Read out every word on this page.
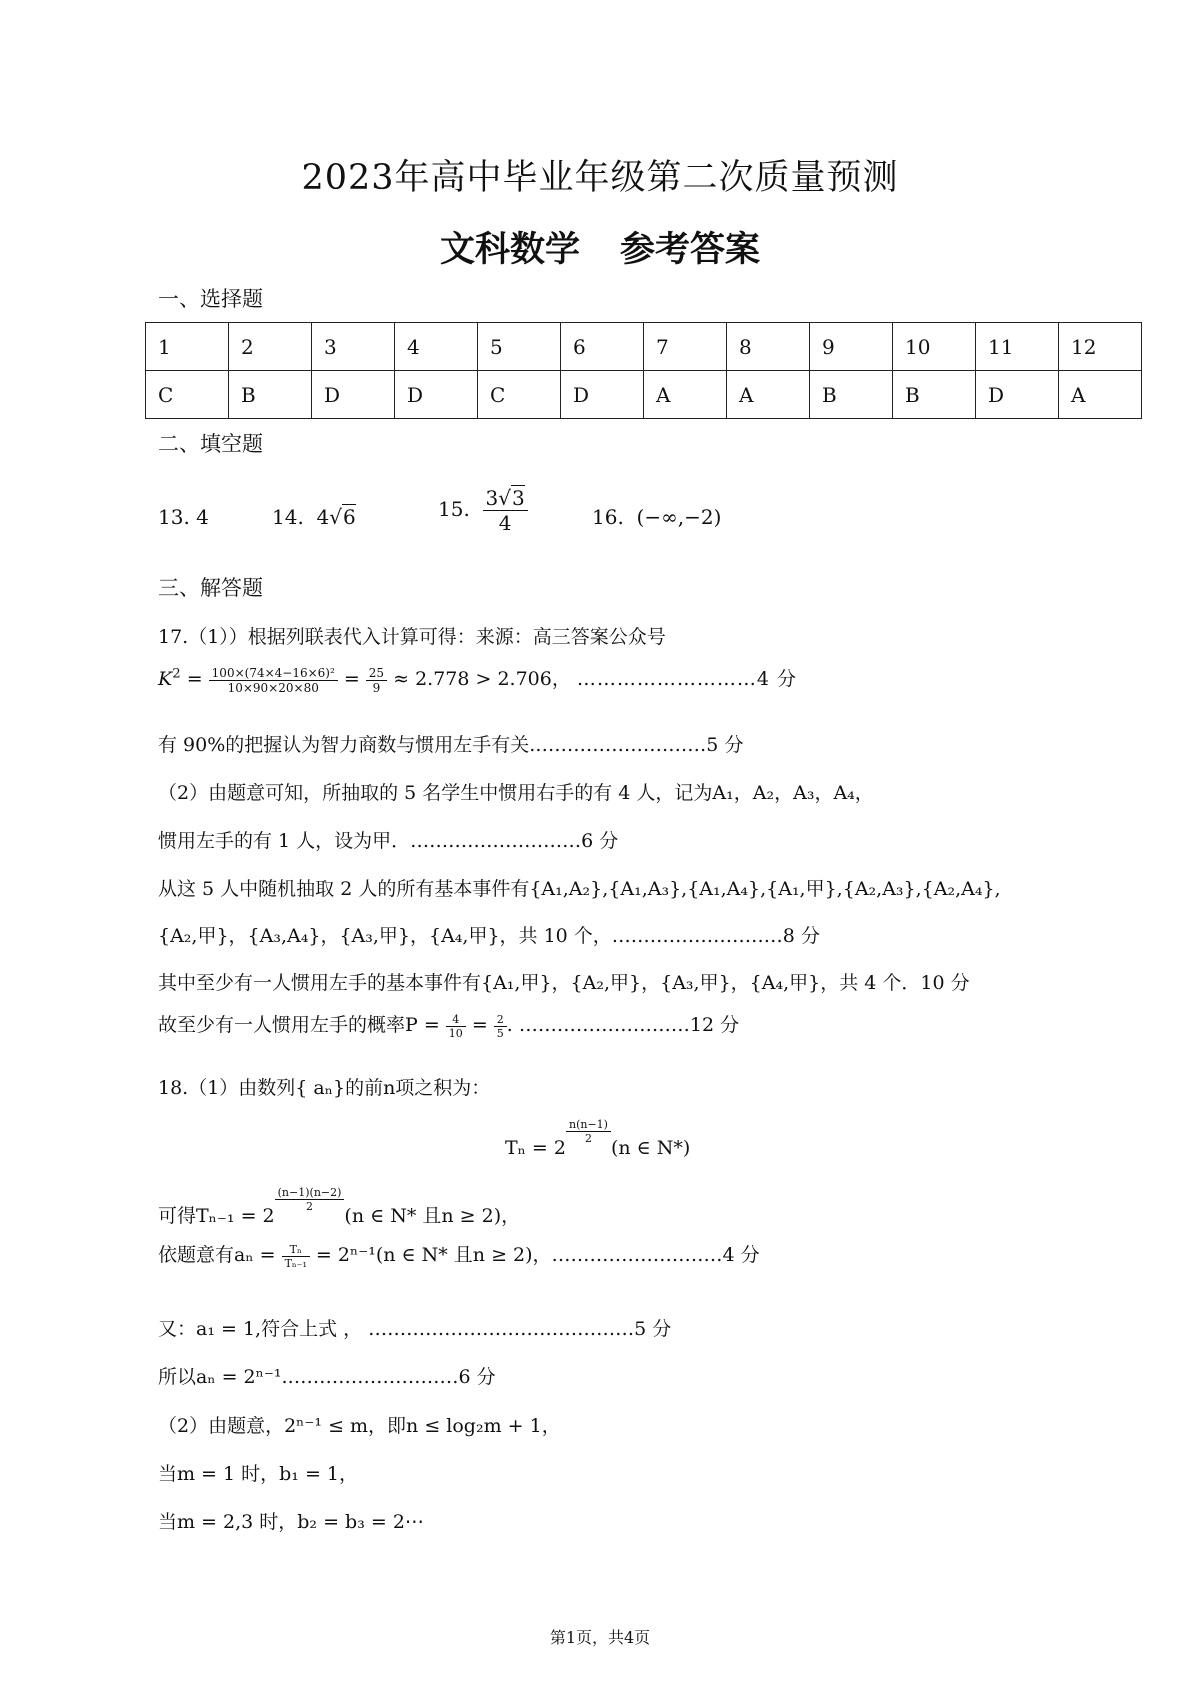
2023年高中毕业年级第二次质量预测
文科数学 参考答案
一、选择题
1	2	3	4	5	6	7	8	9	10	11	12
C	B	D	D	C	D	A	A	B	B	D	A
二、填空题
13. 4	14. 4√6	15. $\frac{3√3}{4}$	16. (−∞,−2)
三、解答题
17.（1））根据列联表代入计算可得：来源：高三答案公众号
$K^2 = \frac{\text{100×(74×4−16×6)²}}{10\times 90\times 20\times 80} = \frac{25}{9} \approx 2.778 > 2.706$， ………………………4 分
有 90%的把握认为智力商数与惯用左手有关.………………………5 分
（2）由题意可知，所抽取的 5 名学生中惯用右手的有 4 人，记为A₁，A₂，A₃，A₄，
惯用左手的有 1 人，设为甲．………………………6 分
从这 5 人中随机抽取 2 人的所有基本事件有{A₁,A₂},{A₁,A₃},{A₁,A₄},{A₁,甲},{A₂,A₃},{A₂,A₄},
{A₂,甲}，{A₃,A₄}，{A₃,甲}，{A₄,甲}，共 10 个，………………………8 分
其中至少有一人惯用左手的基本事件有{A₁,甲}，{A₂,甲}，{A₃,甲}，{A₄,甲}，共 4 个．10 分
故至少有一人惯用左手的概率$P = \frac{4}{10} = \frac{2}{5}$ . ………………………12 分
18.（1）由数列{ aₙ}的前n项之积为：
Tₙ = 2
$\frac{n(n-1)}{2}$
(n ∈ N*)
可得Tₙ₋₁ = 2
$\frac{(n-1)(n-2)}{2}$
(n ∈ N* 且n ≥ 2)，
依题意有$a_n = \frac{\text{Tₙ}}{\text{Tₙ₋₁}} = 2^{n-1}(n$ ∈ N* 且n ≥ 2)，………………………4 分
又：a₁ = 1,符合上式 ， ……………………………………5 分
所以aₙ = 2ⁿ⁻¹.………………………6 分
（2）由题意，2ⁿ⁻¹ ≤ m，即n ≤ log₂m + 1，
当m = 1 时，b₁ = 1，
当m = 2,3 时，b₂ = b₃ = 2⋯
第1页，共4页
